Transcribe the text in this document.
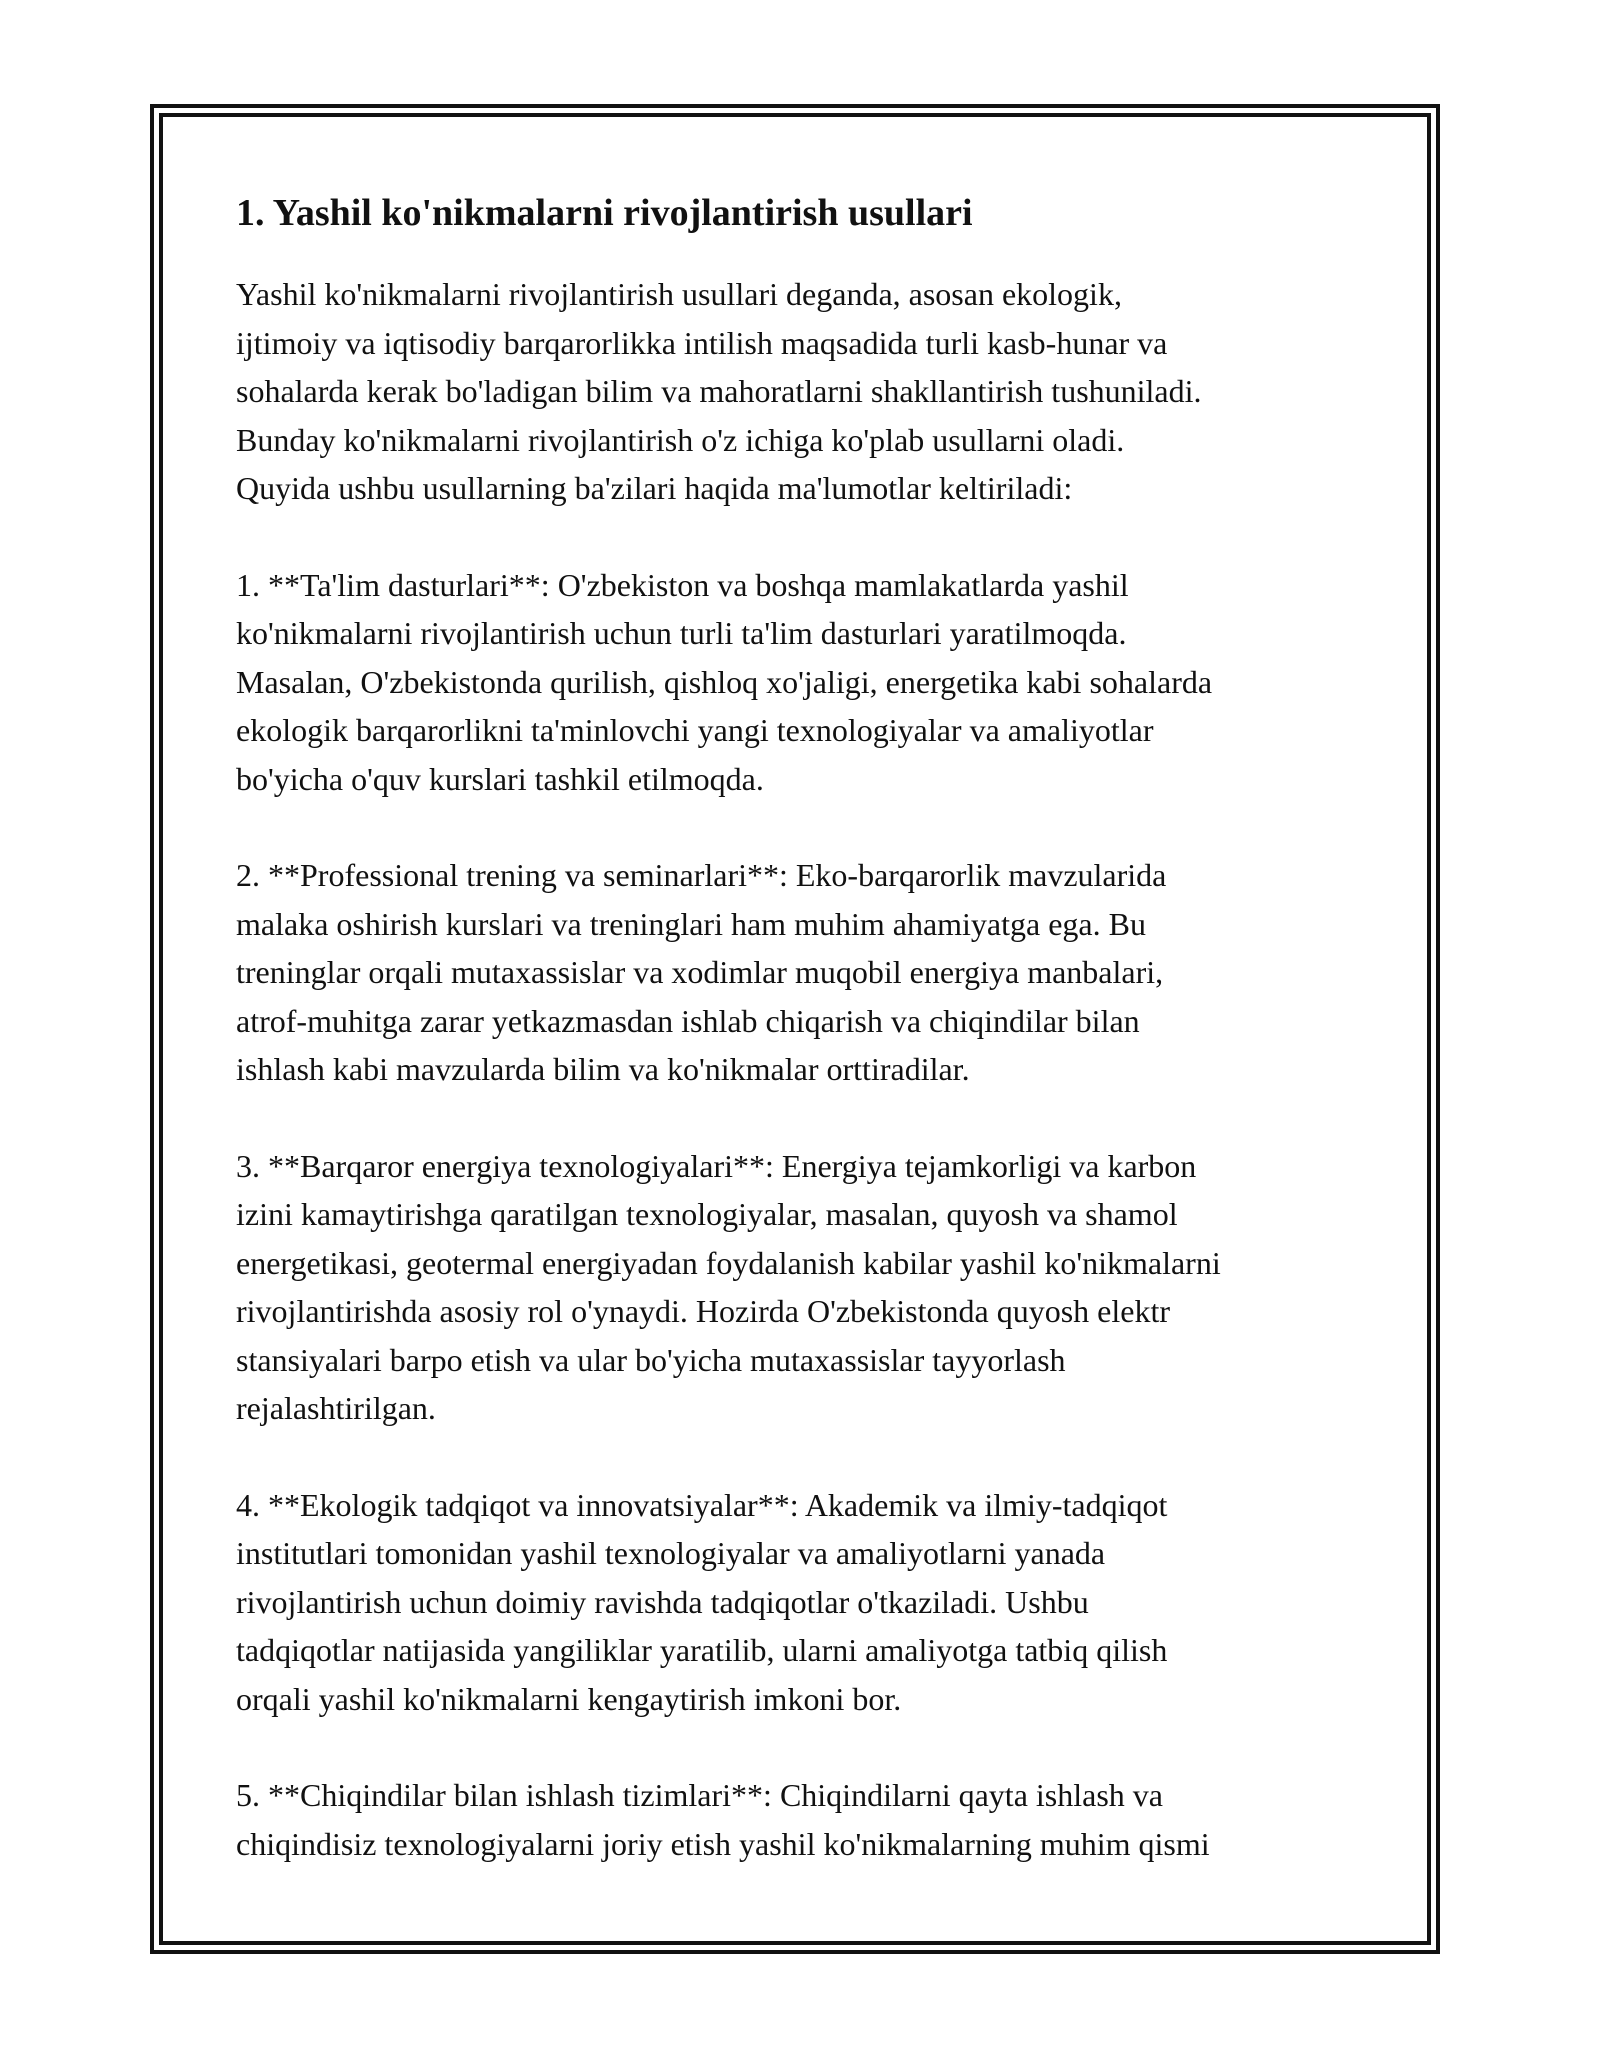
1. Yashil ko'nikmalarni rivojlantirish usullari

Yashil ko'nikmalarni rivojlantirish usullari deganda, asosan ekologik,
ijtimoiy va iqtisodiy barqarorlikka intilish maqsadida turli kasb-hunar va
sohalarda kerak bo'ladigan bilim va mahoratlarni shakllantirish tushuniladi.
Bunday ko'nikmalarni rivojlantirish o'z ichiga ko'plab usullarni oladi.
Quyida ushbu usullarning ba'zilari haqida ma'lumotlar keltiriladi:

1. **Ta'lim dasturlari**: O'zbekiston va boshqa mamlakatlarda yashil
ko'nikmalarni rivojlantirish uchun turli ta'lim dasturlari yaratilmoqda.
Masalan, O'zbekistonda qurilish, qishloq xo'jaligi, energetika kabi sohalarda
ekologik barqarorlikni ta'minlovchi yangi texnologiyalar va amaliyotlar
bo'yicha o'quv kurslari tashkil etilmoqda.

2. **Professional trening va seminarlari**: Eko-barqarorlik mavzularida
malaka oshirish kurslari va treninglari ham muhim ahamiyatga ega. Bu
treninglar orqali mutaxassislar va xodimlar muqobil energiya manbalari,
atrof-muhitga zarar yetkazmasdan ishlab chiqarish va chiqindilar bilan
ishlash kabi mavzularda bilim va ko'nikmalar orttiradilar.

3. **Barqaror energiya texnologiyalari**: Energiya tejamkorligi va karbon
izini kamaytirishga qaratilgan texnologiyalar, masalan, quyosh va shamol
energetikasi, geotermal energiyadan foydalanish kabilar yashil ko'nikmalarni
rivojlantirishda asosiy rol o'ynaydi. Hozirda O'zbekistonda quyosh elektr
stansiyalari barpo etish va ular bo'yicha mutaxassislar tayyorlash
rejalashtirilgan.

4. **Ekologik tadqiqot va innovatsiyalar**: Akademik va ilmiy-tadqiqot
institutlari tomonidan yashil texnologiyalar va amaliyotlarni yanada
rivojlantirish uchun doimiy ravishda tadqiqotlar o'tkaziladi. Ushbu
tadqiqotlar natijasida yangiliklar yaratilib, ularni amaliyotga tatbiq qilish
orqali yashil ko'nikmalarni kengaytirish imkoni bor.

5. **Chiqindilar bilan ishlash tizimlari**: Chiqindilarni qayta ishlash va
chiqindisiz texnologiyalarni joriy etish yashil ko'nikmalarning muhim qismi
